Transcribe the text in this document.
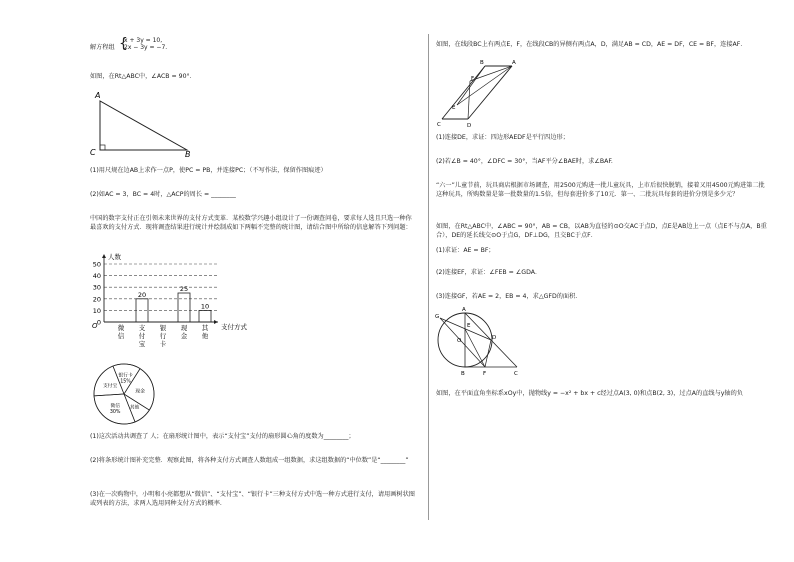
解方程组 {
x + 3y = 10,
2x − 3y = −7.
如图，在Rt△ABC中，∠ACB = 90°．
A
C	B
(1)用尺规在边AB上求作一点P，使PC = PB，并连接PC；（不写作法，保留作图痕迹）
(2)如AC = 3，BC = 4时，△ACP的周长 = ________
中国的数字支付正在引领未来世界的支付方式变革．某校数学兴趣小组设计了一份调查问卷，要求每人选且只选一种你最喜欢的支付方式．现将调查结果进行统计并绘制成如下两幅不完整的统计图，请结合图中所给的信息解答下列问题：
0
10
20
30
40
50
人数
支付方式
O	微
信
20
支
付
宝
银
行
卡
25
现
金
10
其
他
银行卡
15%
现金
其他
微信
30%
支付宝
(1)这次活动共调查了 人；在扇形统计图中，表示“支付宝”支付的扇形圆心角的度数为________；
(2)将条形统计图补充完整．观察此图，将各种支付方式调查人数组成一组数据，求这组数据的“中位数”是“________”
(3)在一次购物中，小明和小亮都想从“微信”、“支付宝”、“银行卡”三种支付方式中选一种方式进行支付，请用画树状图或列表的方法，求两人选用同种支付方式的概率.
如图，在线段BC上有两点E，F，在线段CB的异侧有两点A，D，满足AB = CD，AE = DF，CE = BF，连接AF．
B	A
C	D
E
F
(1)连接DE，求证：四边形AEDF是平行四边形；
(2)若∠B = 40°，∠DFC = 30°，当AF平分∠BAE时，求∠BAF.
“六一”儿童节前，玩具商店根据市场调查，用2500元购进一批儿童玩具，上市后很快脱销，接着又用4500元购进第二批这种玩具，所购数量是第一批数量的1.5倍，但每套进价多了10元．第一、二批玩具每套的进价分别是多少元？
如图，在Rt△ABC中，∠ABC = 90°，AB = CB，以AB为直径的⊙O交AC于点D，点E是AB边上一点（点E不与点A，B重合），DE的延长线交⊙O于点G，DF⊥DG，且交BC于点F．
(1)求证：AE = BF；
(2)连接EF，求证：∠FEB = ∠GDA．
(3)连接GF，若AE = 2，EB = 4，求△GFD的面积.
A
G
E
O	D
B	F	C
如图，在平面直角坐标系xOy中，抛物线y = −x² + bx + c经过点A(3, 0)和点B(2, 3)，过点A的直线与y轴的负
